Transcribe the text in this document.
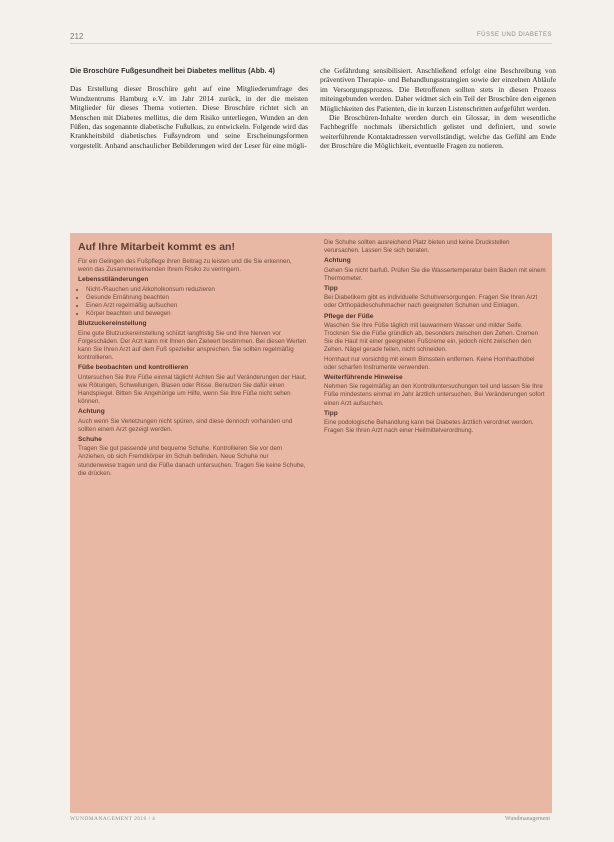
212	FÜSSE UND DIABETES
Die Broschüre Fußgesundheit bei Diabetes mellitus (Abb. 4)

Das Erstellung dieser Broschüre geht auf eine Mitgliederumfrage des Wundzentrums Hamburg e.V. im Jahr 2014 zurück, in der die meisten Mitglieder für dieses Thema votierten. Diese Broschüre richtet sich an Menschen mit Diabetes mellitus, die dem Risiko unterliegen, Wunden an den Füßen, das sogenannte diabetische Fußulkus, zu entwickeln. Folgende wird das Krankheitsbild diabetisches Fußsyndrom und seine Erscheinungsformen vorgestellt. Anhand anschaulicher Bebilderungen wird der Leser für eine mögli-

che Gefährdung sensibilisiert. Anschließend erfolgt eine Beschreibung von präventiven Therapie- und Behandlungsstrategien sowie der einzelnen Abläufe im Versorgungsprozess. Die Betroffenen sollten stets in diesen Prozess miteingebunden werden. Daher widmet sich ein Teil der Broschüre den eigenen Möglichkeiten des Patienten, die in kurzen Listenschritten aufgeführt werden.

Die Broschüren-Inhalte werden durch ein Glossar, in dem wesentliche Fachbegriffe nochmals übersichtlich gelistet und definiert, und sowie weiterführende Kontaktadressen vervollständigt, welche das Gefühl am Ende der Broschüre die Möglichkeit, eventuelle Fragen zu notieren.

Auf Ihre Mitarbeit kommt es an!

Für ein Gelingen des Fußpflege ihren Beitrag zu leisten und die Sie erkennen, wenn das Zusammenwirkenden Ihrem Risiko zu verringern.

Lebensstiländerungen
• Nicht-/Rauchen und Alkoholkonsum reduzieren
• Gesunde Ernährung beachten
• Einen Arzt regelmäßig aufsuchen
• Körper beachten und bewegen
Blutzuckereinstellung

Eine gute Blutzuckereinstellung schützt langfristig Sie und Ihre Nerven vor Folgeschäden. Der Arzt kann mit Ihnen den Zielwert bestimmen. Bei diesen Werten kann Sie Ihren Arzt auf dem Fuß spezieller ansprechen. Sie sollten regelmäßig kontrollieren.

Füße beobachten und kontrollieren

Untersuchen Sie Ihre Füße einmal täglich! Achten Sie auf Veränderungen der Haut, wie Rötungen, Schwellungen, Blasen oder Risse. Benutzen Sie dafür einen Handspiegel. Bitten Sie Angehörige um Hilfe, wenn Sie Ihre Füße nicht sehen können.

Achtung

Auch wenn Sie Verletzungen nicht spüren, sind diese dennoch vorhanden und sollten einem Arzt gezeigt werden.

Schuhe

Tragen Sie gut passende und bequeme Schuhe. Kontrollieren Sie vor dem Anziehen, ob sich Fremdkörper im Schuh befinden. Neue Schuhe nur stundenweise tragen und die Füße danach untersuchen. Tragen Sie keine Schuhe, die drücken.

Die Schuhe sollten ausreichend Platz bieten und keine Druckstellen verursachen. Lassen Sie sich beraten.

Achtung

Gehen Sie nicht barfuß. Prüfen Sie die Wassertemperatur beim Baden mit einem Thermometer.

Tipp

Bei Diabetikern gibt es individuelle Schuhversorgungen. Fragen Sie Ihren Arzt oder Orthopädieschuhmacher nach geeigneten Schuhen und Einlagen.

Pflege der Füße

Waschen Sie Ihre Füße täglich mit lauwarmem Wasser und milder Seife. Trocknen Sie die Füße gründlich ab, besonders zwischen den Zehen. Cremen Sie die Haut mit einer geeigneten Fußcreme ein, jedoch nicht zwischen den Zehen. Nägel gerade feilen, nicht schneiden.

Hornhaut nur vorsichtig mit einem Bimsstein entfernen. Keine Hornhauthobel oder scharfen Instrumente verwenden.

Weiterführende Hinweise

Nehmen Sie regelmäßig an den Kontrolluntersuchungen teil und lassen Sie Ihre Füße mindestens einmal im Jahr ärztlich untersuchen. Bei Veränderungen sofort einen Arzt aufsuchen.

Tipp

Eine podologische Behandlung kann bei Diabetes ärztlich verordnet werden. Fragen Sie Ihren Arzt nach einer Heilmittelverordnung.

WUNDMANAGEMENT 2016 / 4	Wundmanagement
